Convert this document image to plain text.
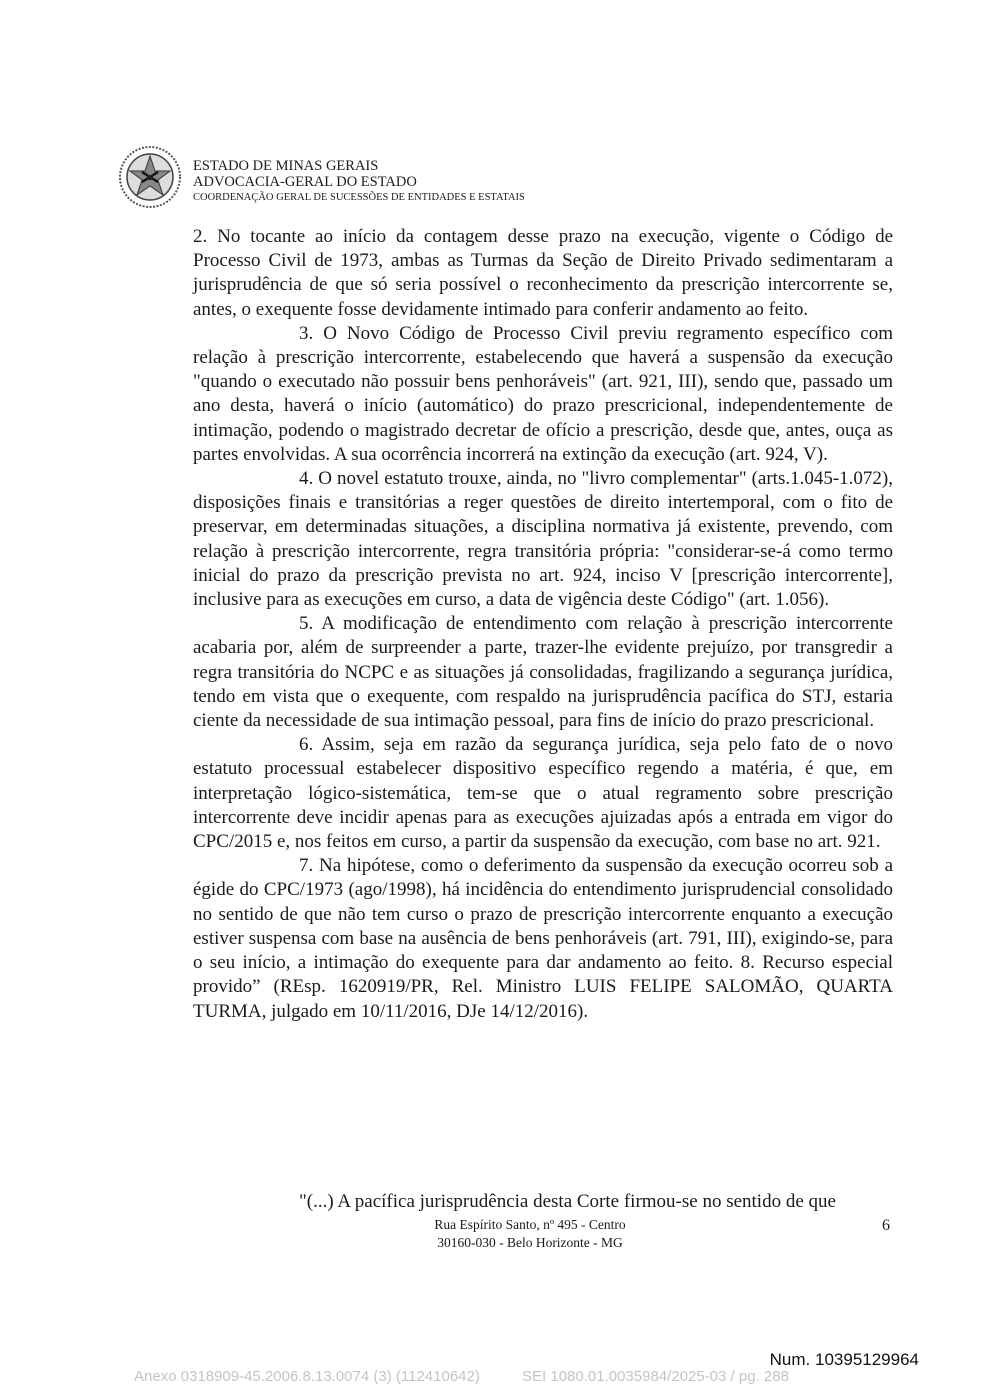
ESTADO DE MINAS GERAIS
ADVOCACIA-GERAL DO ESTADO
COORDENAÇÃO GERAL DE SUCESSÕES DE ENTIDADES E ESTATAIS

2. No tocante ao início da contagem desse prazo na execução, vigente o Código de Processo Civil de 1973, ambas as Turmas da Seção de Direito Privado sedimentaram a jurisprudência de que só seria possível o reconhecimento da prescrição intercorrente se, antes, o exequente fosse devidamente intimado para conferir andamento ao feito.

3. O Novo Código de Processo Civil previu regramento específico com relação à prescrição intercorrente, estabelecendo que haverá a suspensão da execução "quando o executado não possuir bens penhoráveis" (art. 921, III), sendo que, passado um ano desta, haverá o início (automático) do prazo prescricional, independentemente de intimação, podendo o magistrado decretar de ofício a prescrição, desde que, antes, ouça as partes envolvidas. A sua ocorrência incorrerá na extinção da execução (art. 924, V).

4. O novel estatuto trouxe, ainda, no "livro complementar" (arts.1.045-1.072), disposições finais e transitórias a reger questões de direito intertemporal, com o fito de preservar, em determinadas situações, a disciplina normativa já existente, prevendo, com relação à prescrição intercorrente, regra transitória própria: "considerar-se-á como termo inicial do prazo da prescrição prevista no art. 924, inciso V [prescrição intercorrente], inclusive para as execuções em curso, a data de vigência deste Código" (art. 1.056).

5. A modificação de entendimento com relação à prescrição intercorrente acabaria por, além de surpreender a parte, trazer-lhe evidente prejuízo, por transgredir a regra transitória do NCPC e as situações já consolidadas, fragilizando a segurança jurídica, tendo em vista que o exequente, com respaldo na jurisprudência pacífica do STJ, estaria ciente da necessidade de sua intimação pessoal, para fins de início do prazo prescricional.

6. Assim, seja em razão da segurança jurídica, seja pelo fato de o novo estatuto processual estabelecer dispositivo específico regendo a matéria, é que, em interpretação lógico-sistemática, tem-se que o atual regramento sobre prescrição intercorrente deve incidir apenas para as execuções ajuizadas após a entrada em vigor do CPC/2015 e, nos feitos em curso, a partir da suspensão da execução, com base no art. 921.

7. Na hipótese, como o deferimento da suspensão da execução ocorreu sob a égide do CPC/1973 (ago/1998), há incidência do entendimento jurisprudencial consolidado no sentido de que não tem curso o prazo de prescrição intercorrente enquanto a execução estiver suspensa com base na ausência de bens penhoráveis (art. 791, III), exigindo-se, para o seu início, a intimação do exequente para dar andamento ao feito. 8. Recurso especial provido” (REsp. 1620919/PR, Rel. Ministro LUIS FELIPE SALOMÃO, QUARTA TURMA, julgado em 10/11/2016, DJe 14/12/2016).

"(...) A pacífica jurisprudência desta Corte firmou-se no sentido de que
Rua Espírito Santo, nº 495 - Centro
30160-030 - Belo Horizonte - MG
6
Num. 10395129964
Anexo 0318909-45.2006.8.13.0074 (3) (112410642)	SEI 1080.01.0035984/2025-03 / pg. 288
